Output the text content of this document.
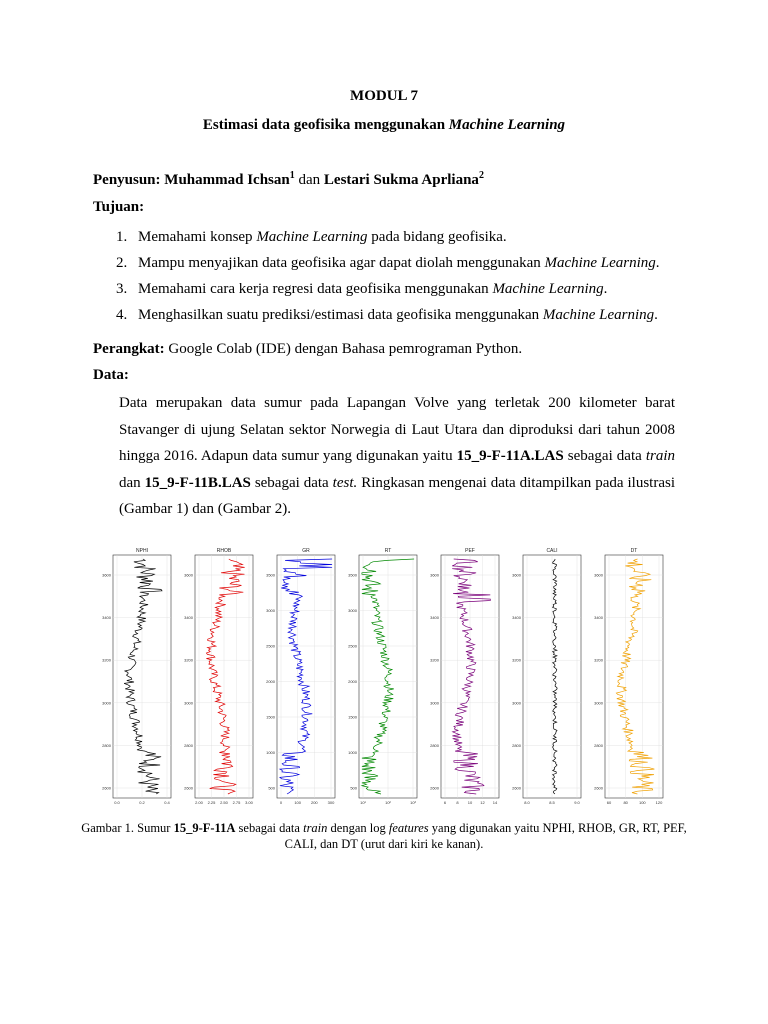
MODUL 7
Estimasi data geofisika menggunakan Machine Learning
Penyusun: Muhammad Ichsan$^1$ dan Lestari Sukma Aprliana$^2$
Tujuan:
1. Memahami konsep Machine Learning pada bidang geofisika.
2. Mampu menyajikan data geofisika agar dapat diolah menggunakan Machine Learning.
3. Memahami cara kerja regresi data geofisika menggunakan Machine Learning.
4. Menghasilkan suatu prediksi/estimasi data geofisika menggunakan Machine Learning.
Perangkat: Google Colab (IDE) dengan Bahasa pemrograman Python.
Data:
Data merupakan data sumur pada Lapangan Volve yang terletak 200 kilometer barat Stavanger di ujung Selatan sektor Norwegia di Laut Utara dan diproduksi dari tahun 2008 hingga 2016. Adapun data sumur yang digunakan yaitu 15_9-F-11A.LAS sebagai data train dan 15_9-F-11B.LAS sebagai data test. Ringkasan mengenai data ditampilkan pada ilustrasi (Gambar 1) dan (Gambar 2).
NPHI
3600
3400
3200
3000
2800
2600
0.0	0.2	0.4
RHOB
3600
3400
3200
3000
2800
2600
2.00 2.25 2.50 2.75 3.00
GR
3500
3000
2500
2000
1500
1000
500
0	100 200 300
RT
3500
3000
2500
2000
1500
1000
500
10¹	10²	10³
PEF
3600
3400
3200
3000
2800
2600
6	8 10 12 14
CALI
3600
3400
3200
3000
2800
2600
8.0	8.5	9.0
DT
3600
3400
3200
3000
2800
2600
60	80	100 120
Gambar 1. Sumur 15_9-F-11A sebagai data train dengan log features yang digunakan yaitu NPHI, RHOB, GR, RT, PEF, CALI, dan DT (urut dari kiri ke kanan).
